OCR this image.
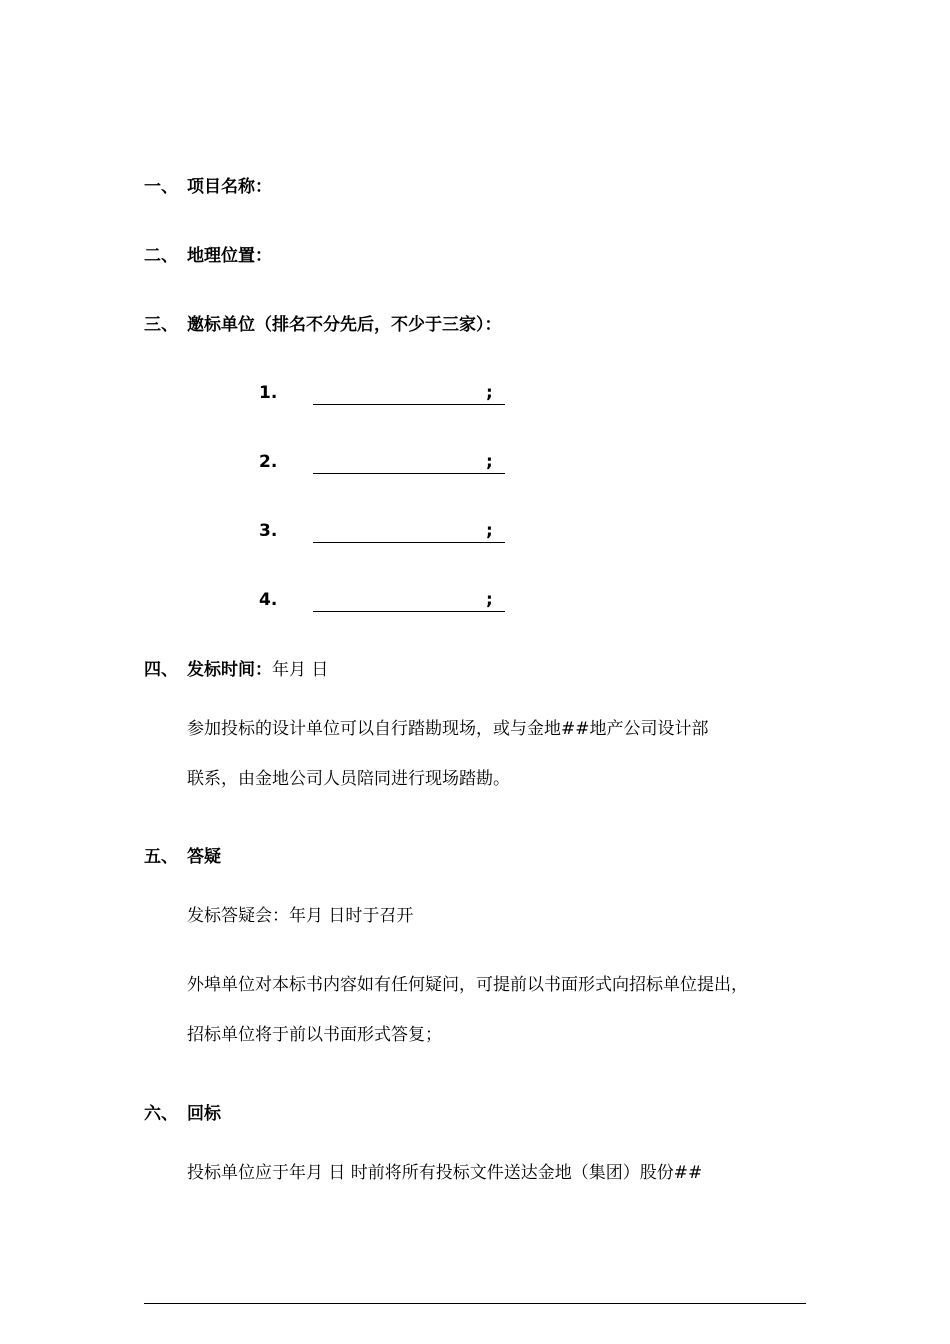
一、 项目名称：
二、 地理位置：
三、 邀标单位（排名不分先后，不少于三家）：
1.	;
2.	;
3.	;
4.	;
四、 发标时间：年月 日
参加投标的设计单位可以自行踏勘现场，或与金地##地产公司设计部
联系，由金地公司人员陪同进行现场踏勘。
五、 答疑
发标答疑会：年月 日时于召开
外埠单位对本标书内容如有任何疑问，可提前以书面形式向招标单位提出，
招标单位将于前以书面形式答复；
六、 回标
投标单位应于年月 日 时前将所有投标文件送达金地（集团）股份##
